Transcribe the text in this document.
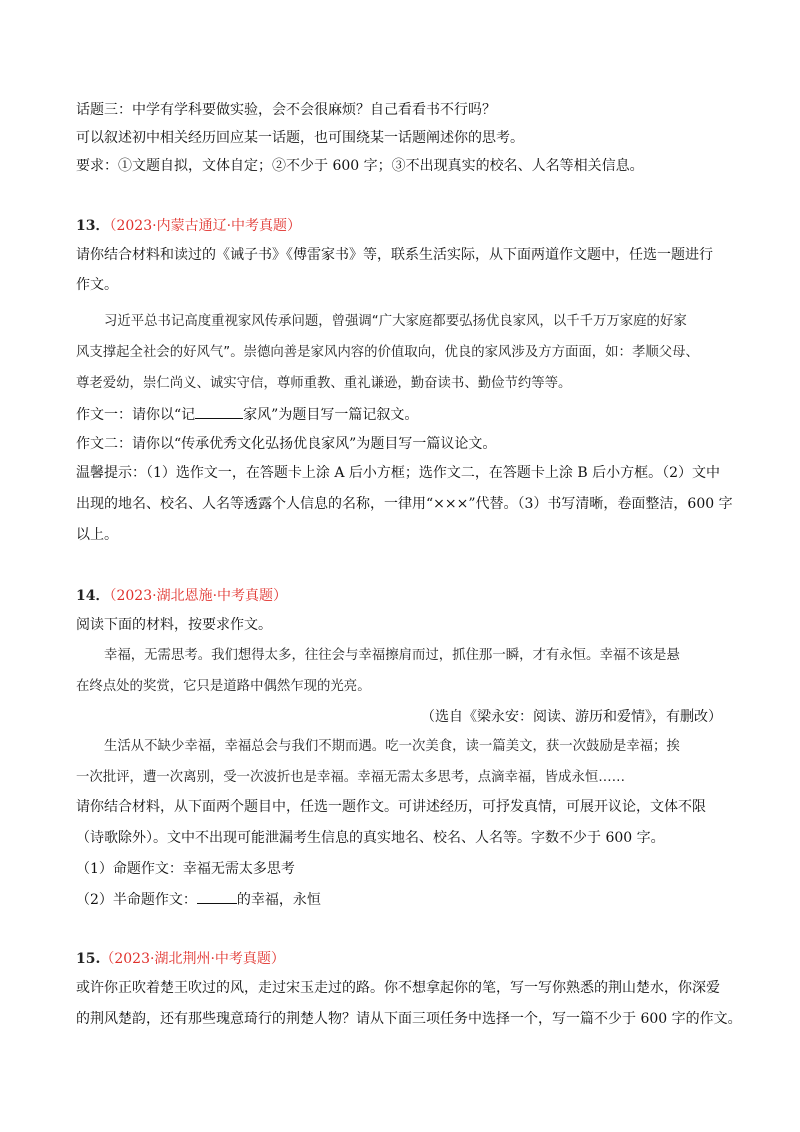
话题三：中学有学科要做实验，会不会很麻烦？自己看看书不行吗？
可以叙述初中相关经历回应某一话题，也可围绕某一话题阐述你的思考。
要求：①文题自拟，文体自定；②不少于 600 字；③不出现真实的校名、人名等相关信息。
13．（2023·内蒙古通辽·中考真题）
请你结合材料和读过的《诫子书》《傅雷家书》等，联系生活实际，从下面两道作文题中，任选一题进行
作文。
习近平总书记高度重视家风传承问题，曾强调“广大家庭都要弘扬优良家风，以千千万万家庭的好家
风支撑起全社会的好风气”。崇德向善是家风内容的价值取向，优良的家风涉及方方面面，如：孝顺父母、
尊老爱幼，崇仁尚义、诚实守信，尊师重教、重礼谦逊，勤奋读书、勤俭节约等等。
作文一：请你以“记	家风”为题目写一篇记叙文。
作文二：请你以“传承优秀文化弘扬优良家风”为题目写一篇议论文。
温馨提示：（1）选作文一，在答题卡上涂 A 后小方框；选作文二，在答题卡上涂 B 后小方框。（2）文中
出现的地名、校名、人名等透露个人信息的名称，一律用“×××”代替。（3）书写清晰，卷面整洁，600 字
以上。
14．（2023·湖北恩施·中考真题）
阅读下面的材料，按要求作文。
幸福，无需思考。我们想得太多，往往会与幸福擦肩而过，抓住那一瞬，才有永恒。幸福不该是悬
在终点处的奖赏，它只是道路中偶然乍现的光亮。
（选自《梁永安：阅读、游历和爱情》，有删改）
生活从不缺少幸福，幸福总会与我们不期而遇。吃一次美食，读一篇美文，获一次鼓励是幸福；挨
一次批评，遭一次离别，受一次波折也是幸福。幸福无需太多思考，点滴幸福，皆成永恒……
请你结合材料，从下面两个题目中，任选一题作文。可讲述经历，可抒发真情，可展开议论，文体不限
（诗歌除外）。文中不出现可能泄漏考生信息的真实地名、校名、人名等。字数不少于 600 字。
（1）命题作文：幸福无需太多思考
（2）半命题作文：	的幸福，永恒
15.（2023·湖北荆州·中考真题）
或许你正吹着楚王吹过的风，走过宋玉走过的路。你不想拿起你的笔，写一写你熟悉的荆山楚水，你深爱
的荆风楚韵，还有那些瑰意琦行的荆楚人物？请从下面三项任务中选择一个，写一篇不少于 600 字的作文。
